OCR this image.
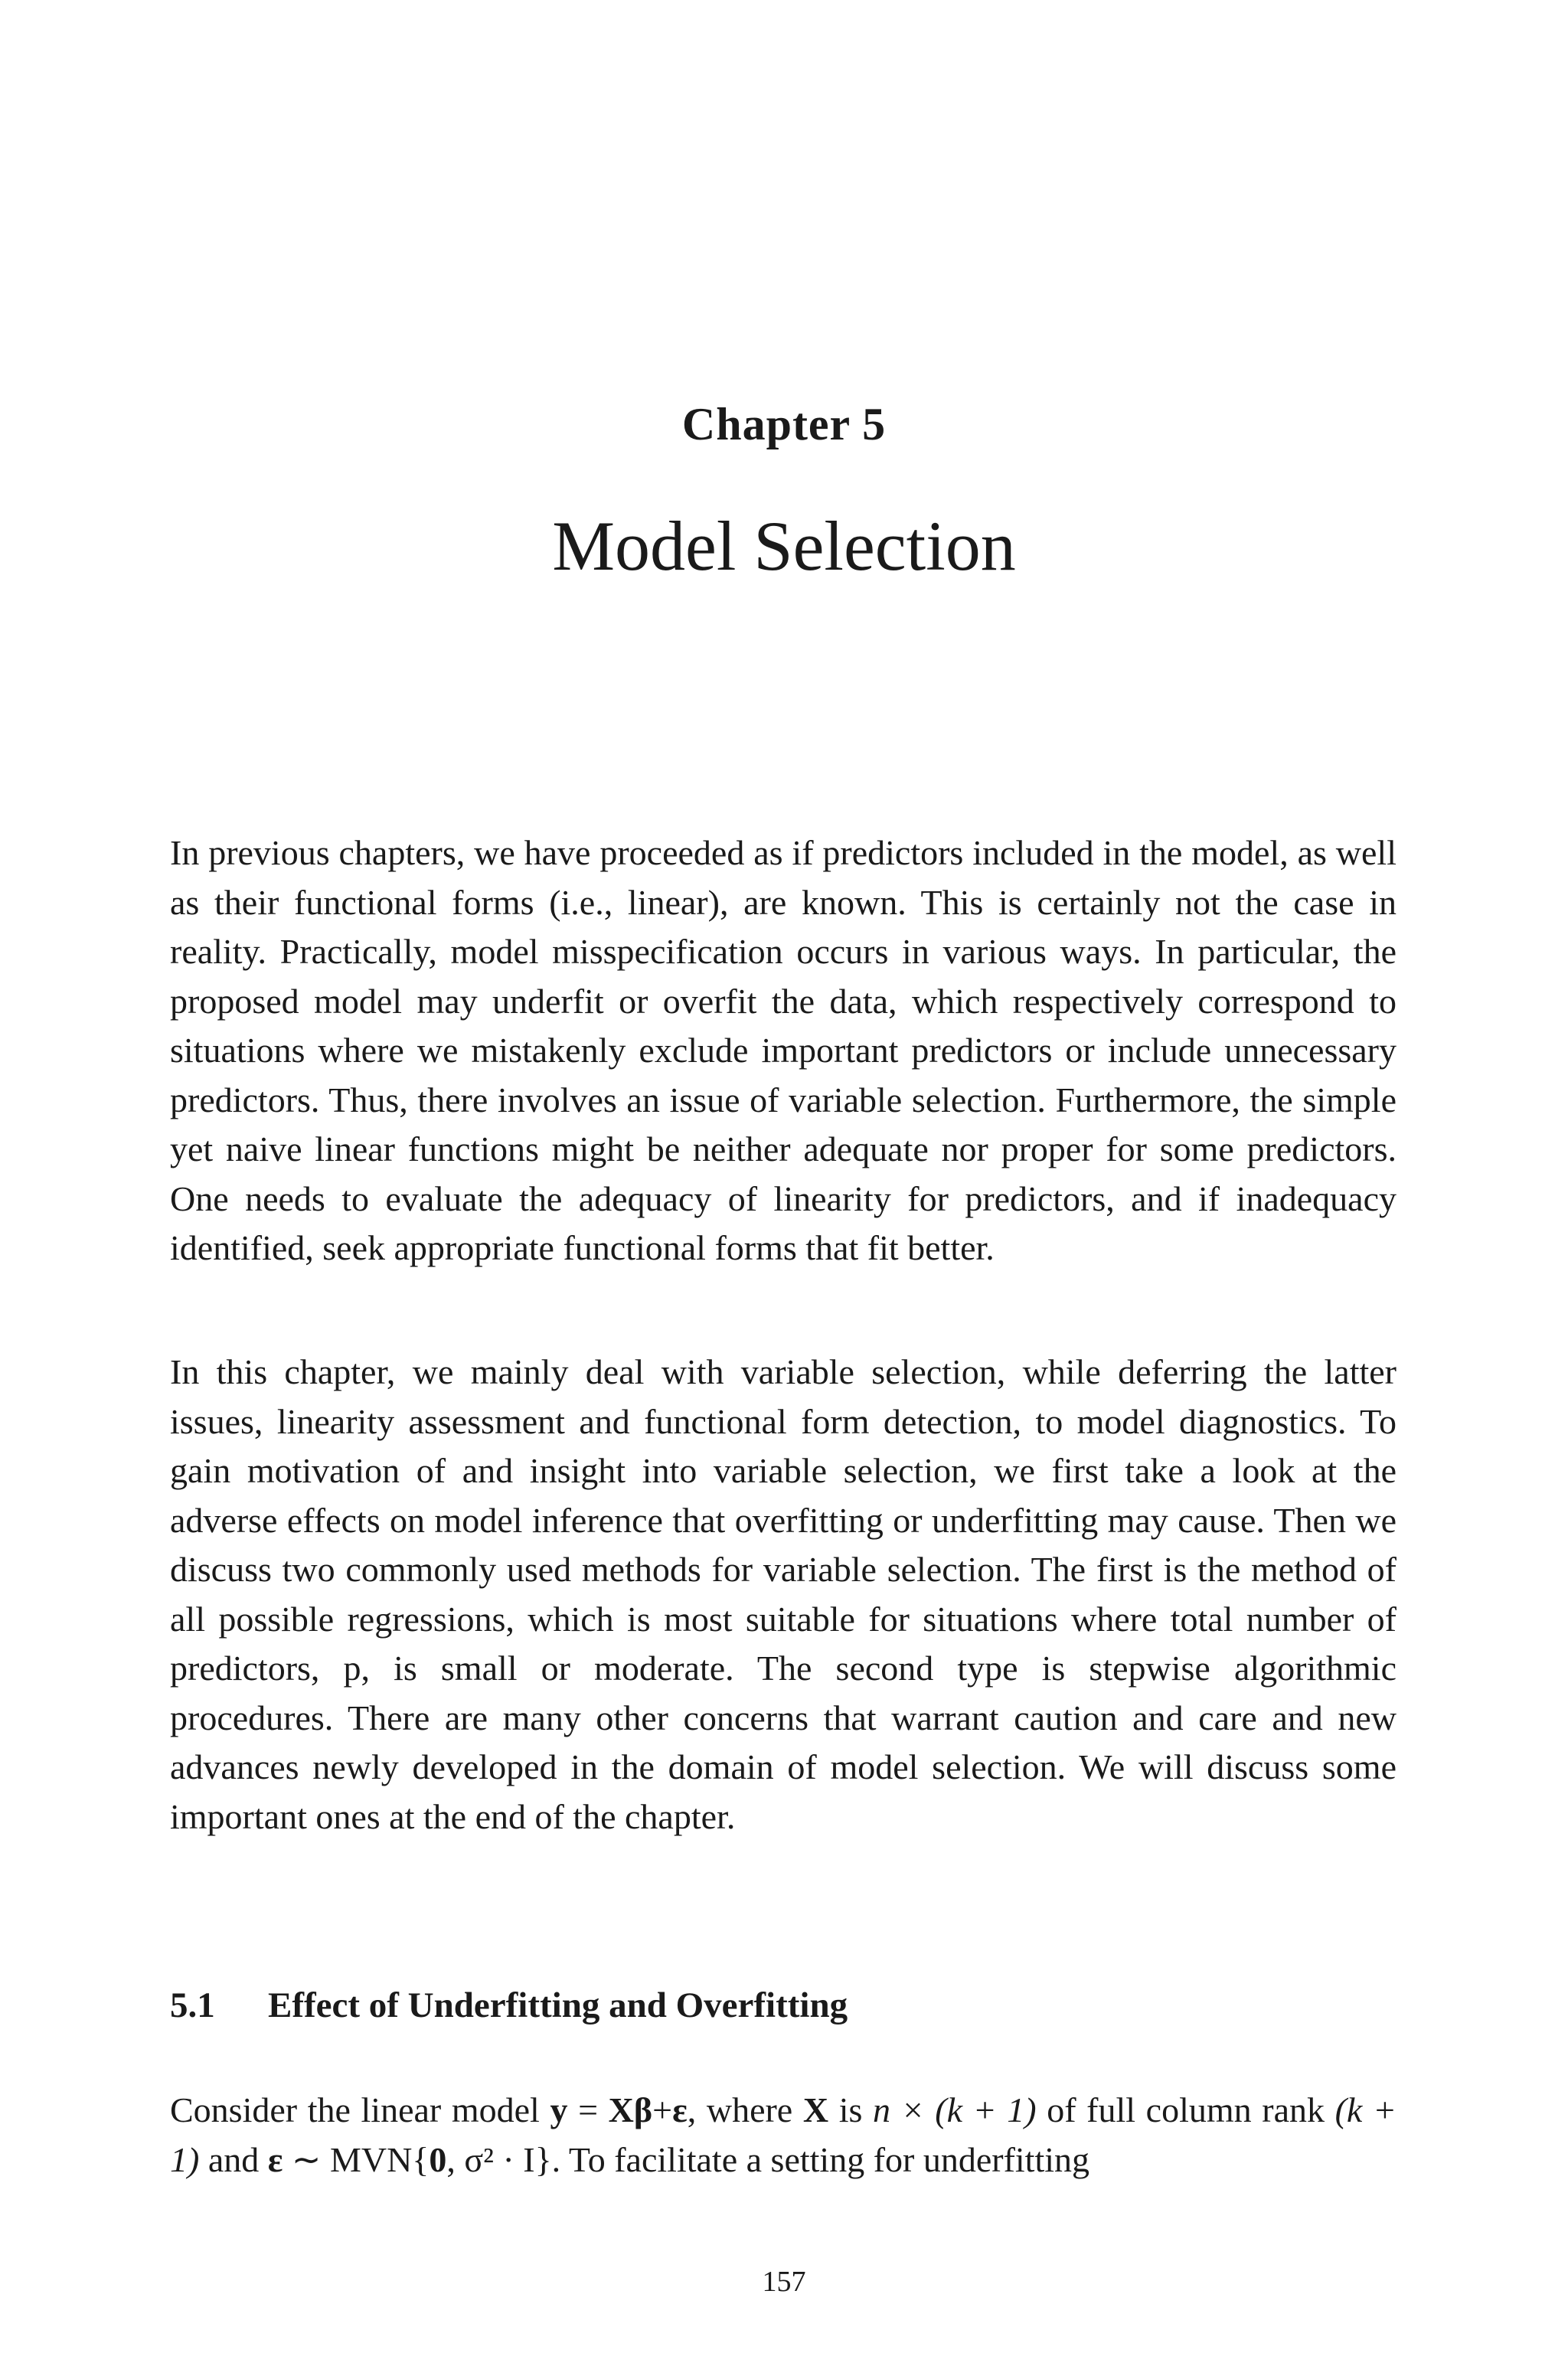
Chapter 5
Model Selection

In previous chapters, we have proceeded as if predictors included in the model, as well as their functional forms (i.e., linear), are known. This is certainly not the case in reality. Practically, model misspecification occurs in various ways. In particular, the proposed model may underfit or overfit the data, which respectively correspond to situations where we mistakenly exclude important predictors or include unnecessary predictors. Thus, there involves an issue of variable selection. Furthermore, the simple yet naive linear functions might be neither adequate nor proper for some predictors. One needs to evaluate the adequacy of linearity for predictors, and if inadequacy identified, seek appropriate functional forms that fit better.

In this chapter, we mainly deal with variable selection, while deferring the latter issues, linearity assessment and functional form detection, to model diagnostics. To gain motivation of and insight into variable selection, we first take a look at the adverse effects on model inference that overfitting or underfitting may cause. Then we discuss two commonly used methods for variable selection. The first is the method of all possible regressions, which is most suitable for situations where total number of predictors, p, is small or moderate. The second type is stepwise algorithmic procedures. There are many other concerns that warrant caution and care and new advances newly developed in the domain of model selection. We will discuss some important ones at the end of the chapter.

5.1 Effect of Underfitting and Overfitting

Consider the linear model y = Xβ+ε, where X is n × (k + 1) of full column rank (k + 1) and ε ∼ MVN{0, σ² · I}. To facilitate a setting for underfitting

157
